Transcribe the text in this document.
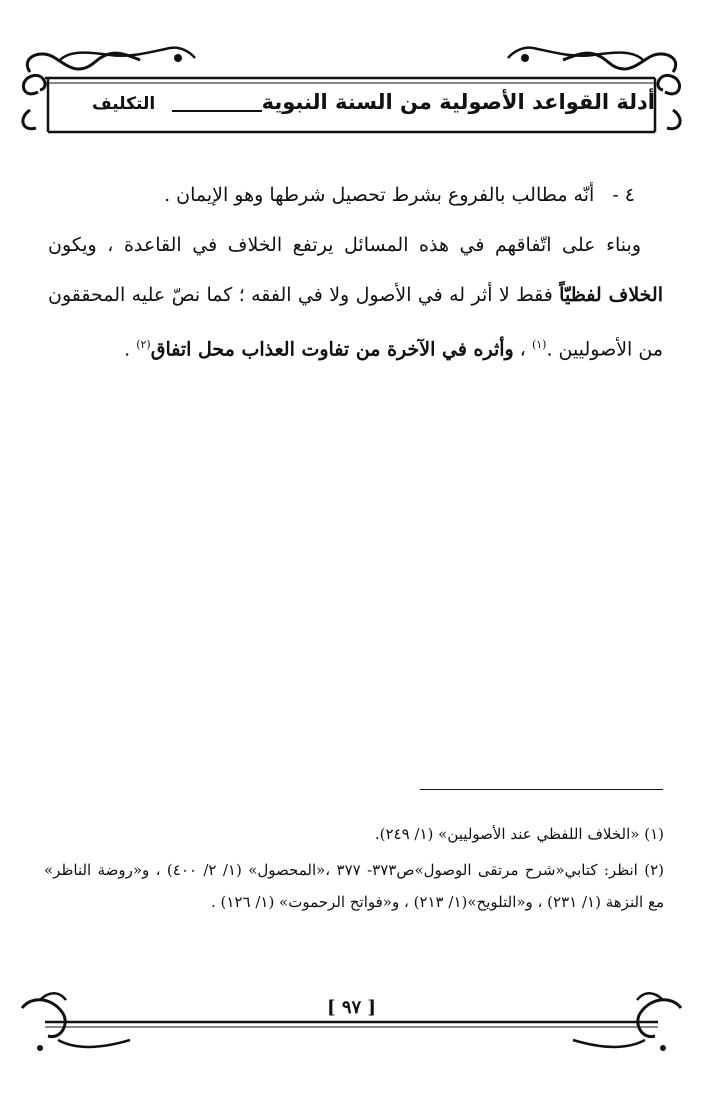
أدلة القواعد الأصولية من السنة النبوية
التكليف

٤ -أنّه مطالب بالفروع بشرط تحصيل شرطها وهو الإيمان .

وبناء على اتّفاقهم في هذه المسائل يرتفع الخلاف في القاعدة ، ويكون الخلاف لفظيّاً فقط لا أثر له في الأصول ولا في الفقه ؛ كما نصّ عليه المحققون من الأصوليين .$^{(١)}$ ، وأثره في الآخرة من تفاوت العذاب محل اتفاق$^{(٢)}$ .

(١) «الخلاف اللفظي عند الأصوليين» (١/ ٢٤٩).

(٢) انظر: كتابي«شرح مرتقى الوصول»ص٣٧٣- ٣٧٧ ،«المحصول» (١/ ٢/ ٤٠٠) ، و«روضة الناظر» مع النزهة (١/ ٢٣١) ، و«التلويح»(١/ ٢١٣) ، و«فواتح الرحموت» (١/ ١٢٦) .

[ ٩٧ ]
